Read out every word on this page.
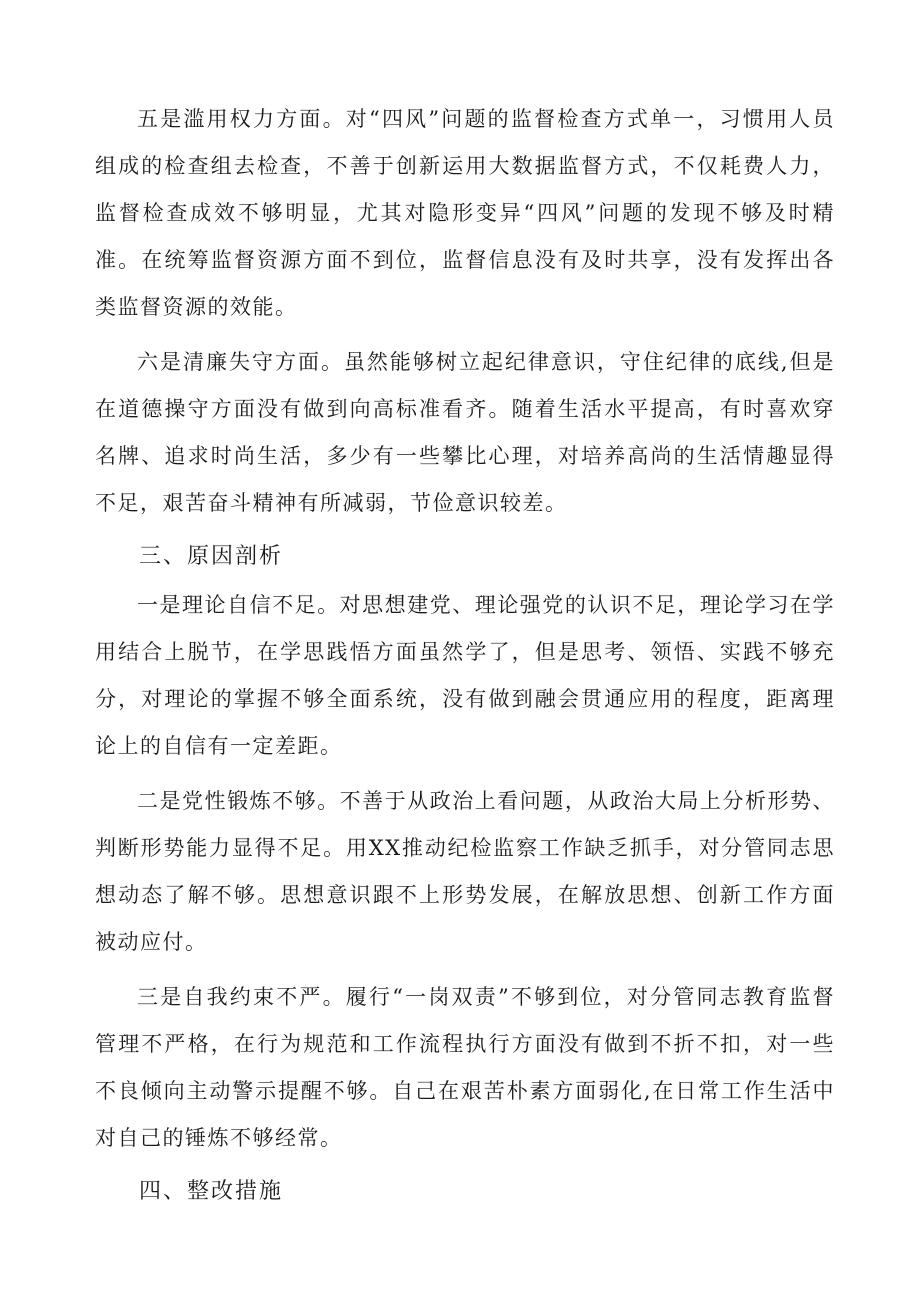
五是滥用权力方面。对“四风”问题的监督检查方式单一，习惯用人员组成的检查组去检查，不善于创新运用大数据监督方式，不仅耗费人力，监督检查成效不够明显，尤其对隐形变异“四风”问题的发现不够及时精准。在统筹监督资源方面不到位，监督信息没有及时共享，没有发挥出各类监督资源的效能。

六是清廉失守方面。虽然能够树立起纪律意识，守住纪律的底线,但是在道德操守方面没有做到向高标准看齐。随着生活水平提高，有时喜欢穿名牌、追求时尚生活，多少有一些攀比心理，对培养高尚的生活情趣显得不足，艰苦奋斗精神有所减弱，节俭意识较差。

三、原因剖析

一是理论自信不足。对思想建党、理论强党的认识不足，理论学习在学用结合上脱节，在学思践悟方面虽然学了，但是思考、领悟、实践不够充分，对理论的掌握不够全面系统，没有做到融会贯通应用的程度，距离理论上的自信有一定差距。

二是党性锻炼不够。不善于从政治上看问题，从政治大局上分析形势、判断形势能力显得不足。用XX推动纪检监察工作缺乏抓手，对分管同志思想动态了解不够。思想意识跟不上形势发展，在解放思想、创新工作方面被动应付。

三是自我约束不严。履行“一岗双责”不够到位，对分管同志教育监督管理不严格，在行为规范和工作流程执行方面没有做到不折不扣，对一些不良倾向主动警示提醒不够。自己在艰苦朴素方面弱化,在日常工作生活中对自己的锤炼不够经常。

四、整改措施
